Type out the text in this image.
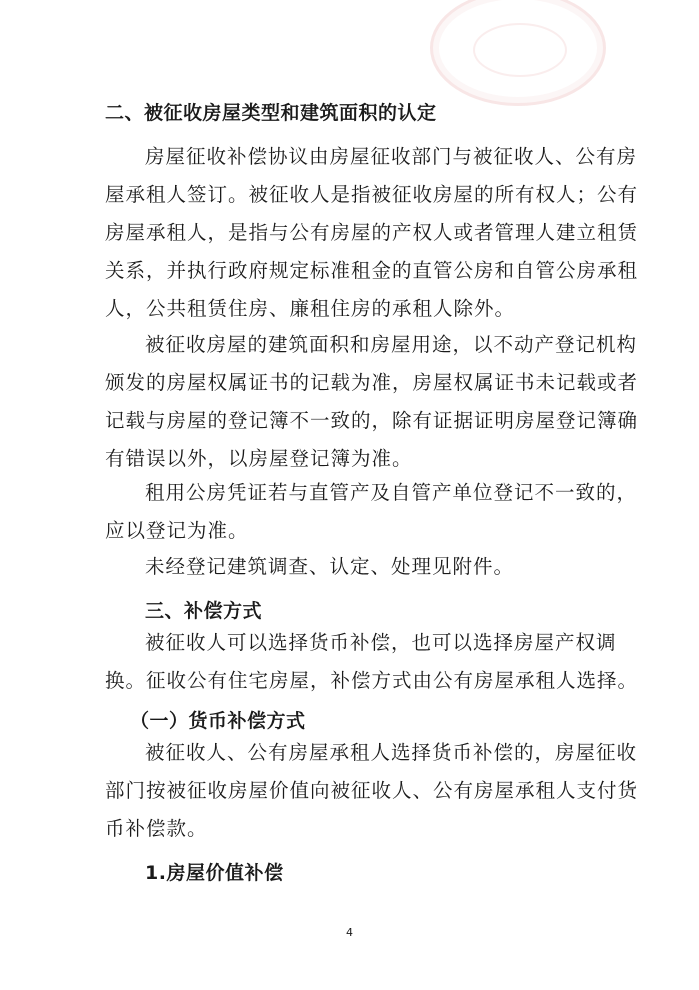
二、被征收房屋类型和建筑面积的认定
房屋征收补偿协议由房屋征收部门与被征收人、公有房
屋承租人签订。被征收人是指被征收房屋的所有权人；公有
房屋承租人，是指与公有房屋的产权人或者管理人建立租赁
关系，并执行政府规定标准租金的直管公房和自管公房承租
人，公共租赁住房、廉租住房的承租人除外。
被征收房屋的建筑面积和房屋用途，以不动产登记机构
颁发的房屋权属证书的记载为准，房屋权属证书未记载或者
记载与房屋的登记簿不一致的，除有证据证明房屋登记簿确
有错误以外，以房屋登记簿为准。
租用公房凭证若与直管产及自管产单位登记不一致的，
应以登记为准。
未经登记建筑调查、认定、处理见附件。
三、补偿方式
被征收人可以选择货币补偿，也可以选择房屋产权调
换。征收公有住宅房屋，补偿方式由公有房屋承租人选择。
（一）货币补偿方式
被征收人、公有房屋承租人选择货币补偿的，房屋征收
部门按被征收房屋价值向被征收人、公有房屋承租人支付货
币补偿款。
1.房屋价值补偿
4
